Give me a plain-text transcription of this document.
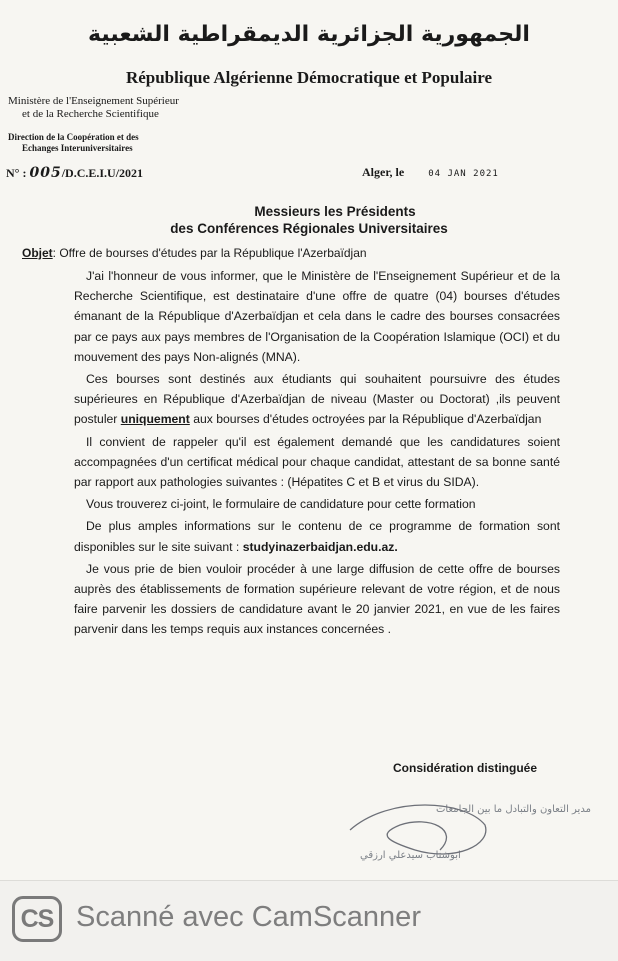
الجمهورية الجزائرية الديمقراطية الشعبية
République Algérienne Démocratique et Populaire
Ministère de l'Enseignement Supérieur
et de la Recherche Scientifique
Direction de la Coopération et des
Echanges Interuniversitaires
N° : 005/D.C.E.I.U/2021	Alger, le	04 JAN 2021
Messieurs les Présidents
des Conférences Régionales Universitaires
Objet: Offre de bourses d'études par la République l'Azerbaïdjan

J'ai l'honneur de vous informer, que le Ministère de l'Enseignement Supérieur et de la Recherche Scientifique, est destinataire d'une offre de quatre (04) bourses d'études émanant de la République d'Azerbaïdjan et cela dans le cadre des bourses consacrées par ce pays aux pays membres de l'Organisation de la Coopération Islamique (OCI) et du mouvement des pays Non-alignés (MNA).

Ces bourses sont destinés aux étudiants qui souhaitent poursuivre des études supérieures en République d'Azerbaïdjan de niveau (Master ou Doctorat) ,ils peuvent postuler uniquement aux bourses d'études octroyées par la République d'Azerbaïdjan

Il convient de rappeler qu'il est également demandé que les candidatures soient accompagnées d'un certificat médical pour chaque candidat, attestant de sa bonne santé par rapport aux pathologies suivantes : (Hépatites C et B et virus du SIDA).

Vous trouverez ci-joint, le formulaire de candidature pour cette formation

De plus amples informations sur le contenu de ce programme de formation sont disponibles sur le site suivant : studyinazerbaidjan.edu.az.

Je vous prie de bien vouloir procéder à une large diffusion de cette offre de bourses auprès des établissements de formation supérieure relevant de votre région, et de nous faire parvenir les dossiers de candidature avant le 20 janvier 2021, en vue de les faires parvenir dans les temps requis aux instances concernées .

Considération distinguée
مدير التعاون والتبادل ما بين الجامعات
ابوشناب سيدعلي ارزقي
CS Scanné avec CamScanner
